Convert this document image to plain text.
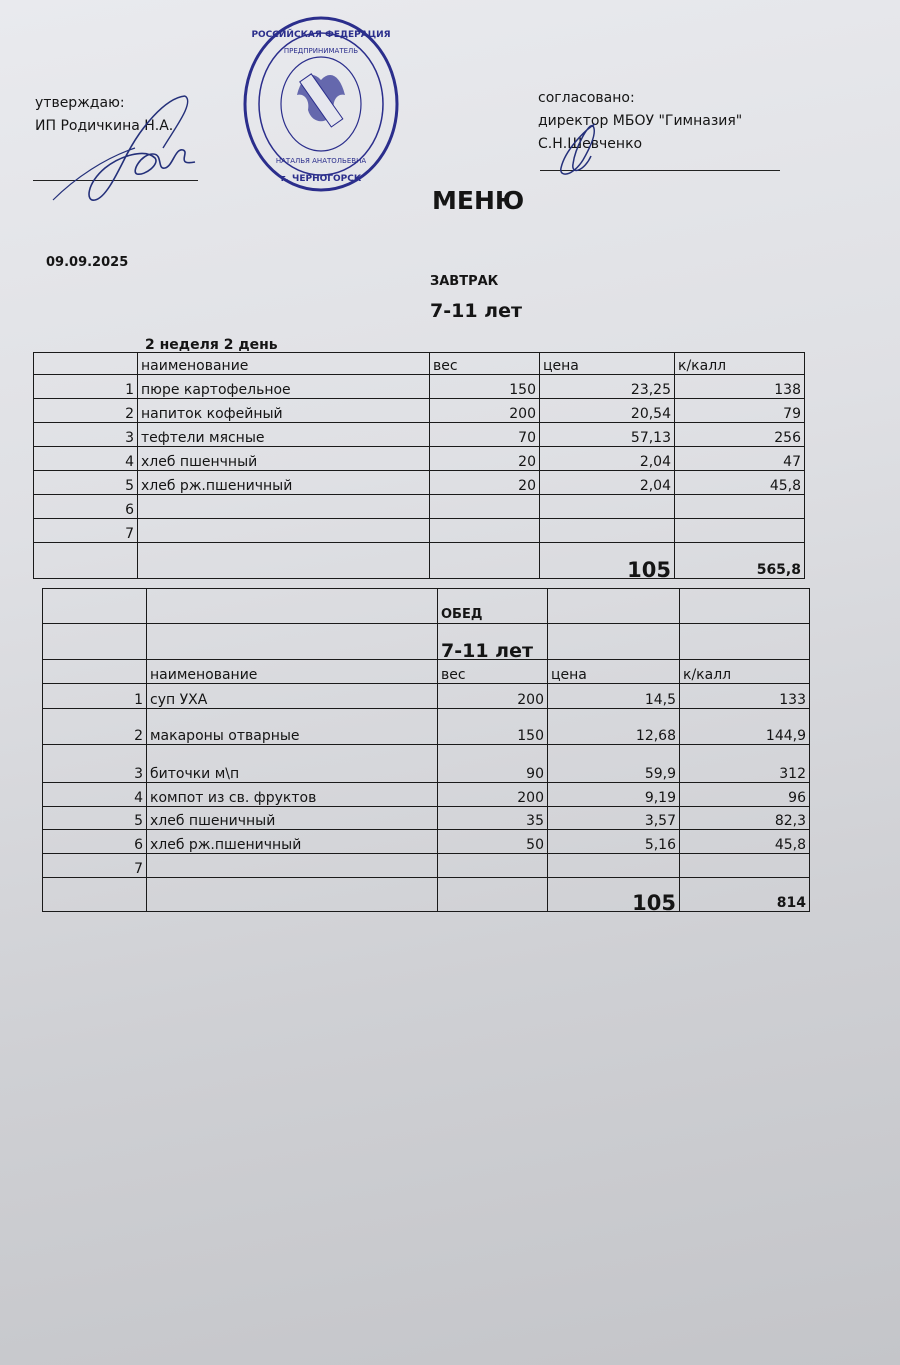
утверждаю:
ИП Родичкина Н.А.
РОССИЙСКАЯ ФЕДЕРАЦИЯ
г. ЧЕРНОГОРСК
ПРЕДПРИНИМАТЕЛЬ
НАТАЛЬЯ АНАТОЛЬЕВНА
согласовано:
директор МБОУ "Гимназия"
С.Н.Шевченко
МЕНЮ
09.09.2025
ЗАВТРАК
7-11 лет
2 неделя 2 день
	наименование	вес	цена	к/калл
1	пюре картофельное	150	23,25	138
2	напиток кофейный	200	20,54	79
3	тефтели мясные	70	57,13	256
4	хлеб пшенчный	20	2,04	47
5	хлеб рж.пшеничный	20	2,04	45,8
6				
7				
			105	565,8
		ОБЕД		
		7-11 лет		
	наименование	вес	цена	к/калл
1	суп УХА	200	14,5	133
2	макароны отварные	150	12,68	144,9
3	биточки м\п	90	59,9	312
4	компот из св. фруктов	200	9,19	96
5	хлеб пшеничный	35	3,57	82,3
6	хлеб рж.пшеничный	50	5,16	45,8
7				
			105	814
